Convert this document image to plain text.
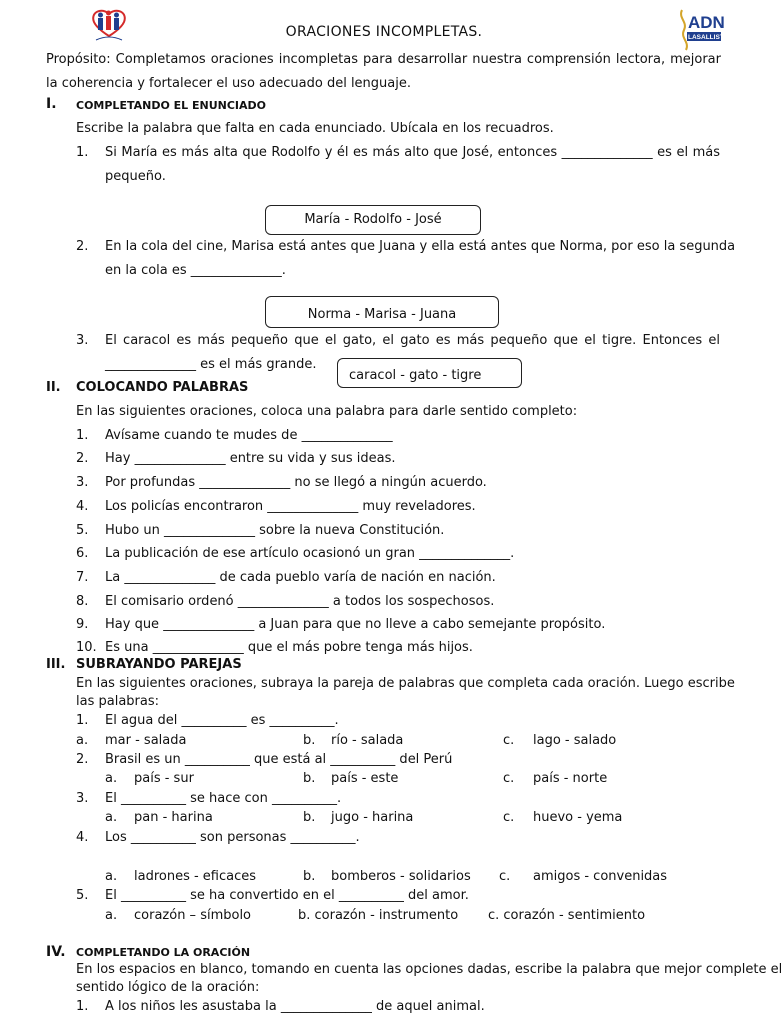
ORACIONES INCOMPLETAS.	ADN
LASALLISTA
Propósito: Completamos oraciones incompletas para desarrollar nuestra comprensión lectora, mejorar la coherencia y fortalecer el uso adecuado del lenguaje.
I. COMPLETANDO EL ENUNCIADO
Escribe la palabra que falta en cada enunciado. Ubícala en los recuadros.
1. Si María es más alta que Rodolfo y él es más alto que José, entonces ______________ es el más
pequeño.
María - Rodolfo - José
2. En la cola del cine, Marisa está antes que Juana y ella está antes que Norma, por eso la segunda
en la cola es ______________.
Norma - Marisa - Juana
3. El caracol es más pequeño que el gato, el gato es más pequeño que el tigre. Entonces el
______________ es el más grande.
caracol - gato - tigre
II. COLOCANDO PALABRAS
En las siguientes oraciones, coloca una palabra para darle sentido completo:
1. Avísame cuando te mudes de ______________
2. Hay ______________ entre su vida y sus ideas.
3. Por profundas ______________ no se llegó a ningún acuerdo.
4. Los policías encontraron ______________ muy reveladores.
5. Hubo un ______________ sobre la nueva Constitución.
6. La publicación de ese artículo ocasionó un gran ______________.
7. La ______________ de cada pueblo varía de nación en nación.
8. El comisario ordenó ______________ a todos los sospechosos.
9. Hay que ______________ a Juan para que no lleve a cabo semejante propósito.
10. Es una ______________ que el más pobre tenga más hijos.
III. SUBRAYANDO PAREJAS
En las siguientes oraciones, subraya la pareja de palabras que completa cada oración. Luego escribe
las palabras:
1. El agua del __________ es __________.
a. mar - salada	b. río - salada	c. lago - salado
2. Brasil es un __________ que está al __________ del Perú
a. país - sur	b. país - este	c. país - norte
3. El __________ se hace con __________.
a. pan - harina	b. jugo - harina	c. huevo - yema
4. Los __________ son personas __________.
a. ladrones - eficaces	b. bomberos - solidarios c. amigos - convenidas
5. El __________ se ha convertido en el __________ del amor.
a. corazón – símbolo	b. corazón - instrumento c. corazón - sentimiento
IV. COMPLETANDO LA ORACIÓN
En los espacios en blanco, tomando en cuenta las opciones dadas, escribe la palabra que mejor complete el
sentido lógico de la oración:
1. A los niños les asustaba la ______________ de aquel animal.
